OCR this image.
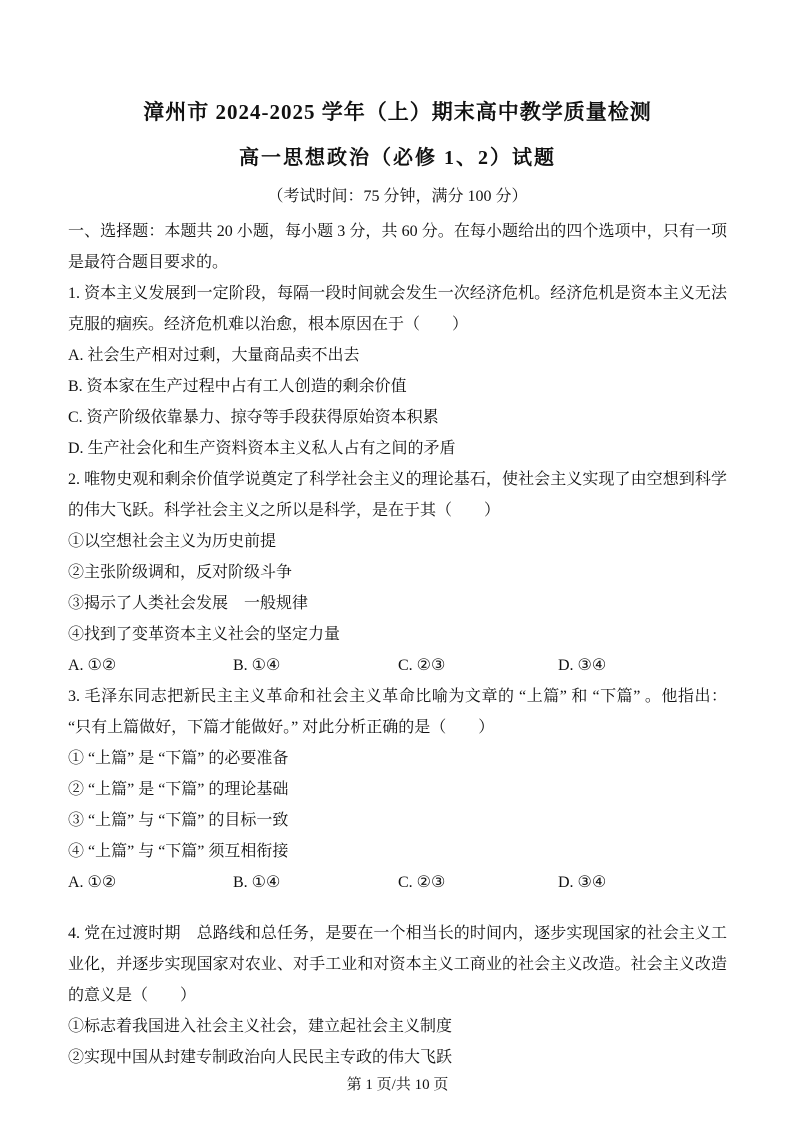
漳州市 2024-2025 学年（上）期末高中教学质量检测
高一思想政治（必修 1、2）试题

（考试时间：75 分钟，满分 100 分）

一、选择题：本题共 20 小题，每小题 3 分，共 60 分。在每小题给出的四个选项中，只有一项是最符合题目要求的。

1. 资本主义发展到一定阶段，每隔一段时间就会发生一次经济危机。经济危机是资本主义无法克服的痼疾。经济危机难以治愈，根本原因在于（　　）

A. 社会生产相对过剩，大量商品卖不出去

B. 资本家在生产过程中占有工人创造的剩余价值

C. 资产阶级依靠暴力、掠夺等手段获得原始资本积累

D. 生产社会化和生产资料资本主义私人占有之间的矛盾

2. 唯物史观和剩余价值学说奠定了科学社会主义的理论基石，使社会主义实现了由空想到科学的伟大飞跃。科学社会主义之所以是科学，是在于其（　　）

①以空想社会主义为历史前提

②主张阶级调和，反对阶级斗争

③揭示了人类社会发展　一般规律

④找到了变革资本主义社会的坚定力量

A. ①②	B. ①④	C. ②③	D. ③④

3. 毛泽东同志把新民主主义革命和社会主义革命比喻为文章的 “上篇” 和 “下篇” 。他指出： “只有上篇做好，下篇才能做好。” 对此分析正确的是（　　）

① “上篇” 是 “下篇” 的必要准备

② “上篇” 是 “下篇” 的理论基础

③ “上篇” 与 “下篇” 的目标一致

④ “上篇” 与 “下篇” 须互相衔接

A. ①②	B. ①④	C. ②③	D. ③④

4. 党在过渡时期　总路线和总任务，是要在一个相当长的时间内，逐步实现国家的社会主义工业化，并逐步实现国家对农业、对手工业和对资本主义工商业的社会主义改造。社会主义改造的意义是（　　）

①标志着我国进入社会主义社会，建立起社会主义制度

②实现中国从封建专制政治向人民民主专政的伟大飞跃

第 1 页/共 10 页
